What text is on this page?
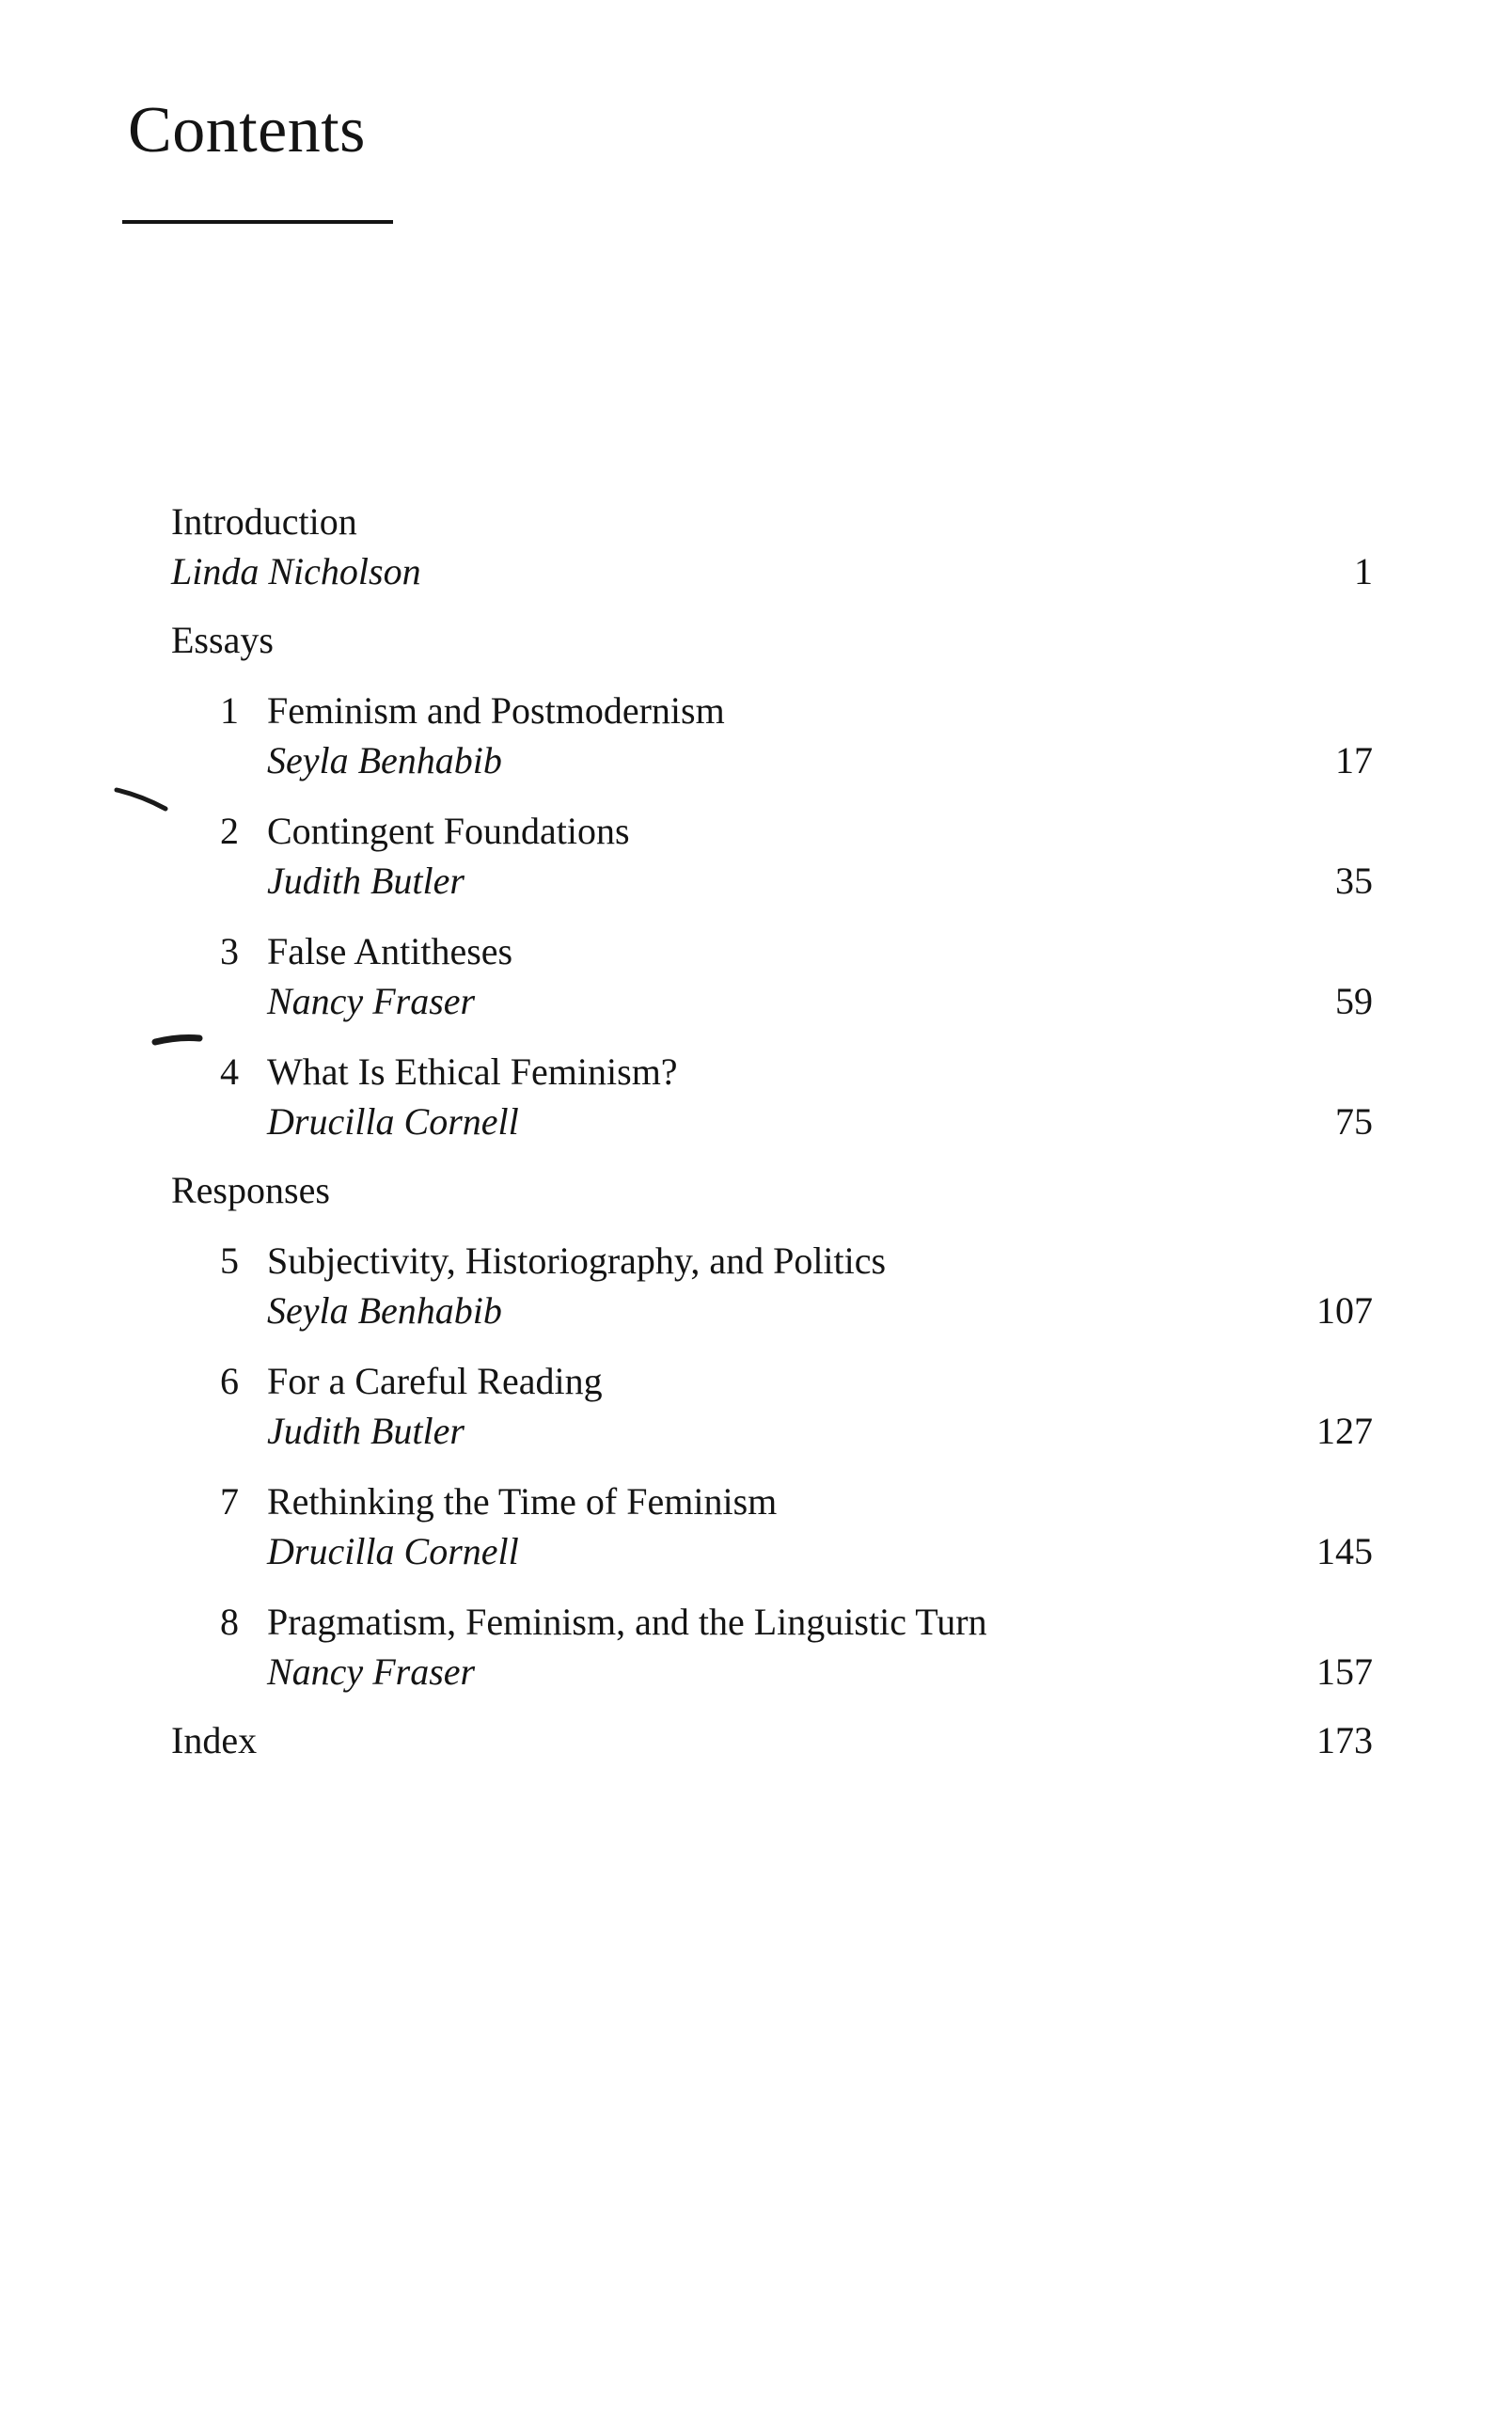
Contents
Introduction
Linda Nicholson	1
Essays
1 Feminism and Postmodernism
Seyla Benhabib	17
2 Contingent Foundations
Judith Butler	35
3 False Antitheses
Nancy Fraser	59
4 What Is Ethical Feminism?
Drucilla Cornell	75
Responses
5 Subjectivity, Historiography, and Politics
Seyla Benhabib	107
6 For a Careful Reading
Judith Butler	127
7 Rethinking the Time of Feminism
Drucilla Cornell	145
8 Pragmatism, Feminism, and the Linguistic Turn
Nancy Fraser	157
Index	173
